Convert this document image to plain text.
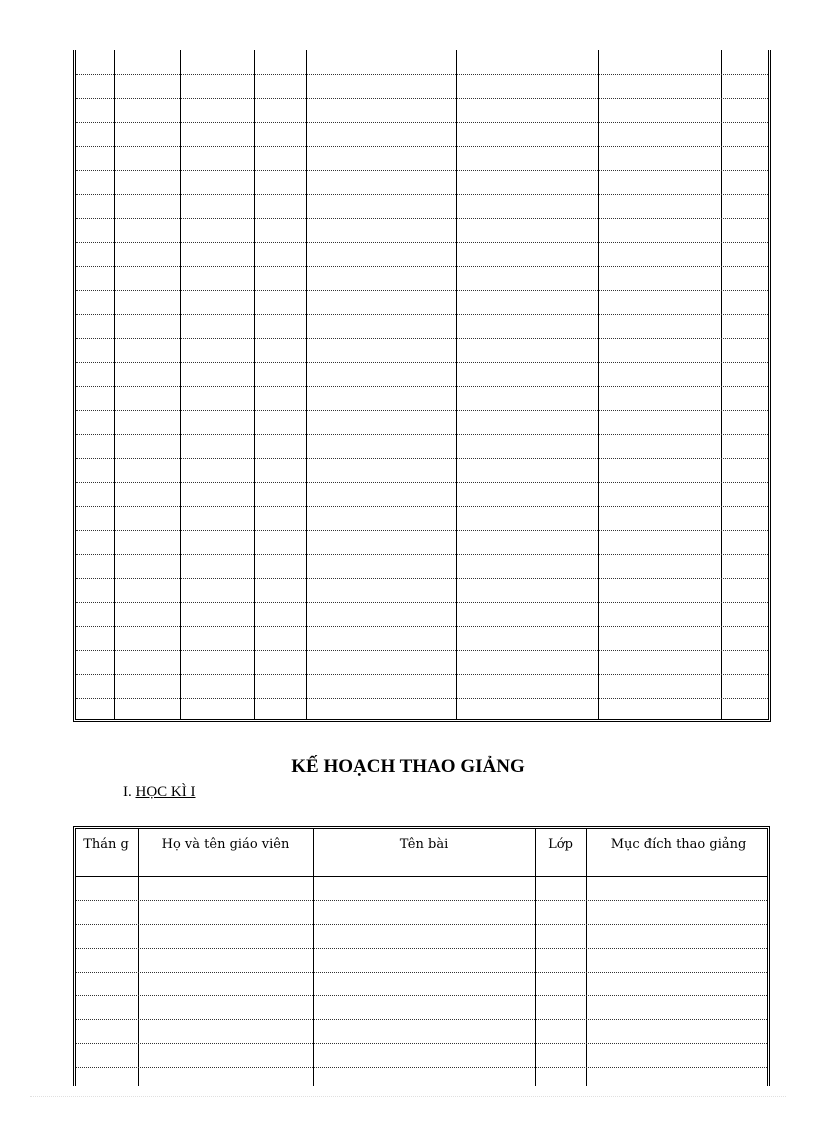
KẾ HOẠCH THAO GIẢNG
I. HỌC KÌ I
Thán g	Họ và tên giáo viên	Tên bài	Lớp	Mục đích thao giảng
